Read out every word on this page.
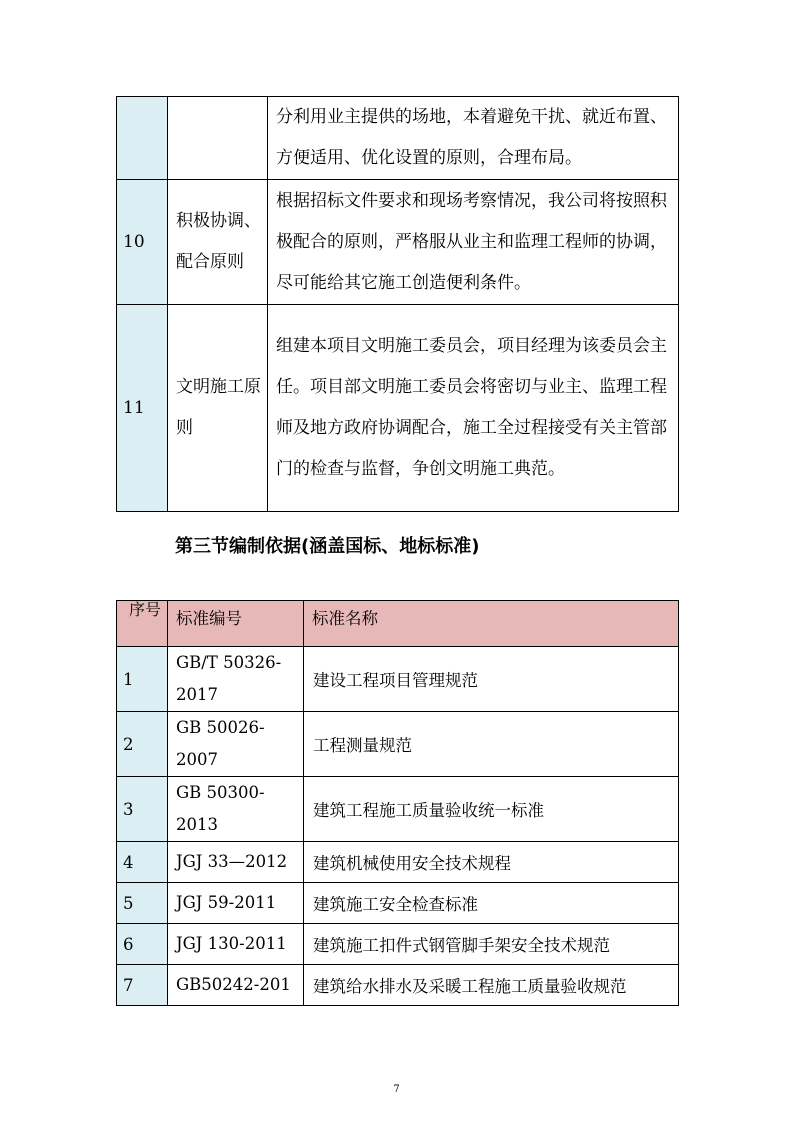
		分利用业主提供的场地，本着避免干扰、就近布置、方便适用、优化设置的原则，合理布局。
10	积极协调、配合原则	根据招标文件要求和现场考察情况，我公司将按照积极配合的原则，严格服从业主和监理工程师的协调，尽可能给其它施工创造便利条件。
11	文明施工原则	组建本项目文明施工委员会，项目经理为该委员会主任。项目部文明施工委员会将密切与业主、监理工程师及地方政府协调配合，施工全过程接受有关主管部门的检查与监督，争创文明施工典范。
第三节编制依据(涵盖国标、地标标准)
序号	标准编号	标准名称
1	GB/T 50326-2017	建设工程项目管理规范
2	GB 50026-2007	工程测量规范
3	GB 50300-2013	建筑工程施工质量验收统一标准
4	JGJ 33—2012	建筑机械使用安全技术规程
5	JGJ 59-2011	建筑施工安全检查标准
6	JGJ 130-2011	建筑施工扣件式钢管脚手架安全技术规范
7	GB50242-201	建筑给水排水及采暖工程施工质量验收规范
7
